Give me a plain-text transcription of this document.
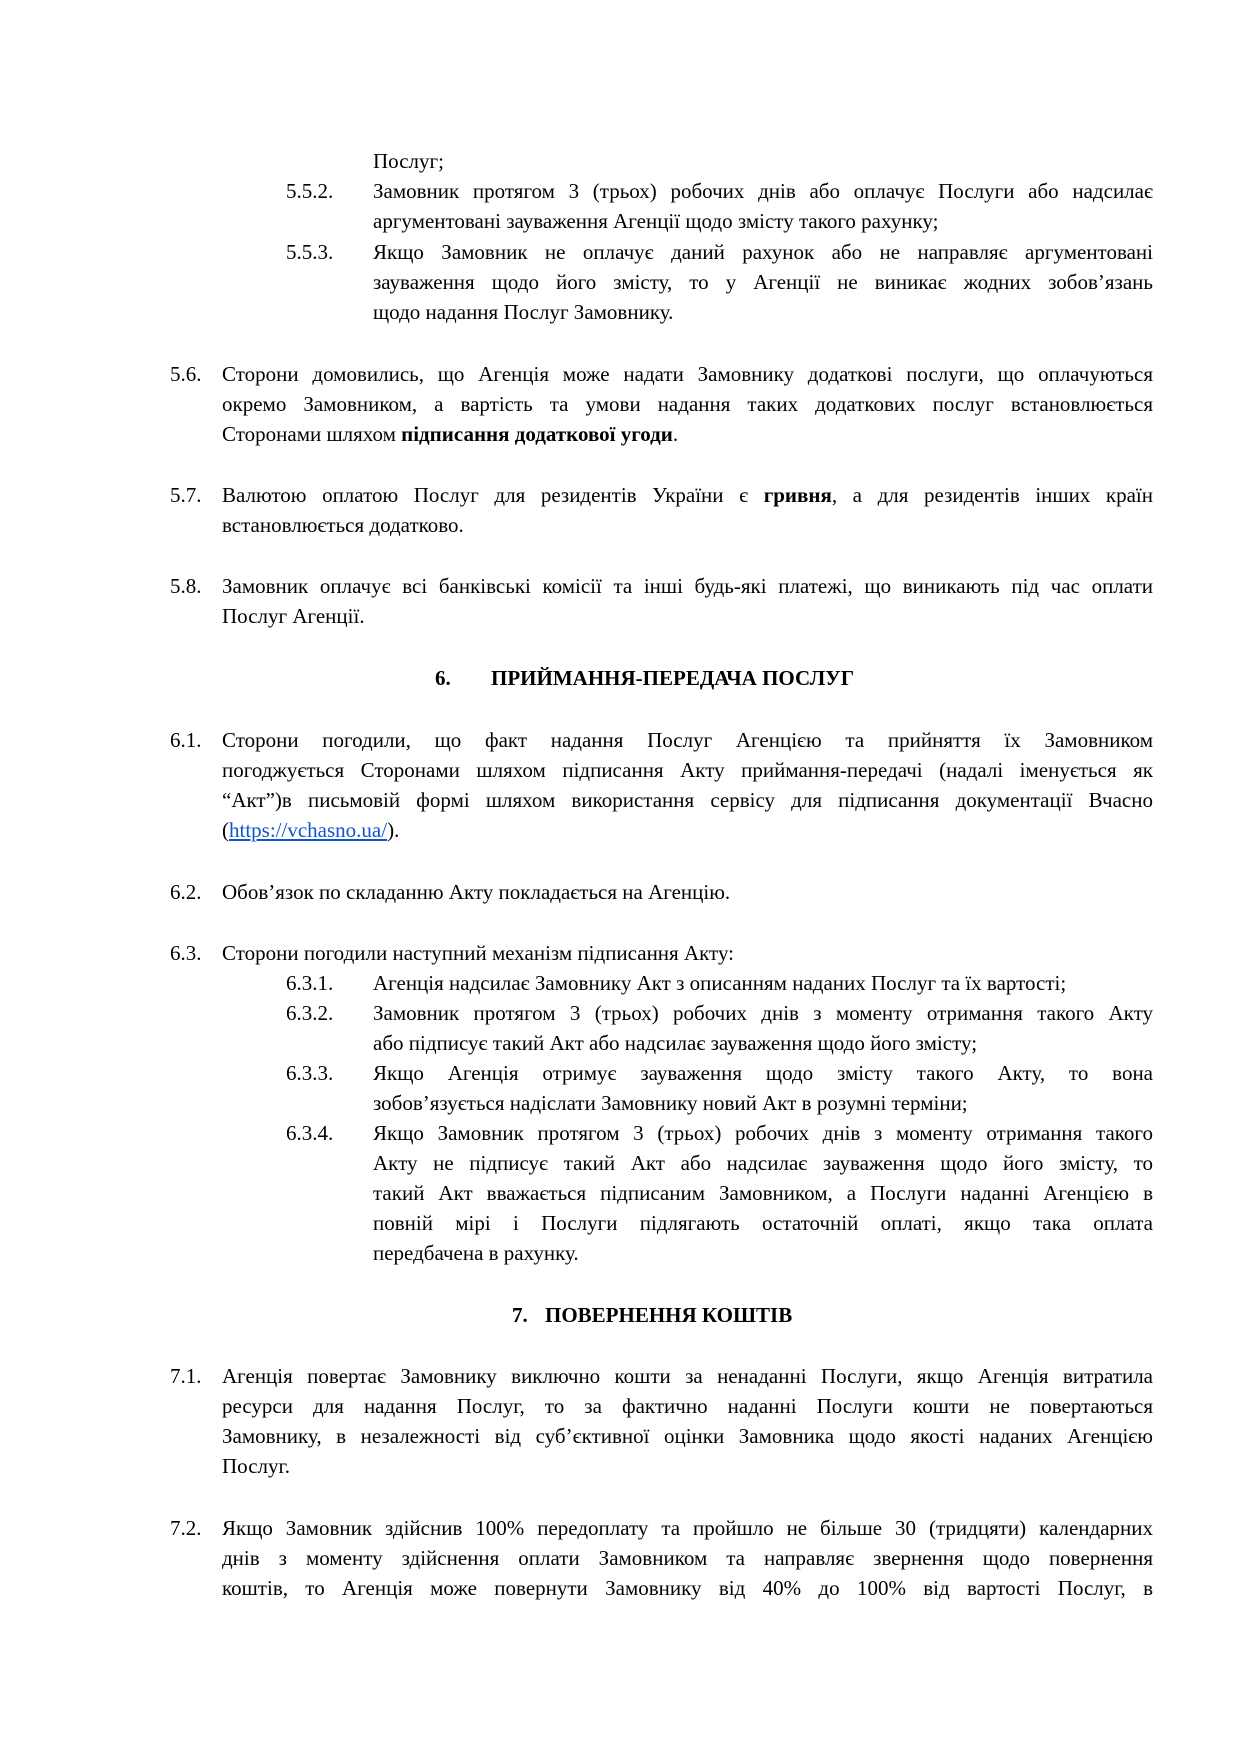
Послуг;
5.5.2. Замовник протягом 3 (трьох) робочих днів або оплачує Послуги або надсилає
аргументовані зауваження Агенції щодо змісту такого рахунку;
5.5.3. Якщо Замовник не оплачує даний рахунок або не направляє аргументовані
зауваження щодо його змісту, то у Агенції не виникає жодних зобов’язань
щодо надання Послуг Замовнику.
5.6. Сторони домовились, що Агенція може надати Замовнику додаткові послуги, що оплачуються
окремо Замовником, а вартість та умови надання таких додаткових послуг встановлюється
Сторонами шляхом підписання додаткової угоди.
5.7. Валютою оплатою Послуг для резидентів України є гривня, а для резидентів інших країн
встановлюється додатково.
5.8. Замовник оплачує всі банківські комісії та інші будь-які платежі, що виникають під час оплати
Послуг Агенції.
6. ПРИЙМАННЯ-ПЕРЕДАЧА ПОСЛУГ
6.1. Сторони погодили, що факт надання Послуг Агенцією та прийняття їх Замовником
погоджується Сторонами шляхом підписання Акту приймання-передачі (надалі іменується як
“Акт”)в письмовій формі шляхом використання сервісу для підписання документації Вчасно
(https://vchasno.ua/).
6.2. Обов’язок по складанню Акту покладається на Агенцію.
6.3. Сторони погодили наступний механізм підписання Акту:
6.3.1. Агенція надсилає Замовнику Акт з описанням наданих Послуг та їх вартості;
6.3.2. Замовник протягом 3 (трьох) робочих днів з моменту отримання такого Акту
або підписує такий Акт або надсилає зауваження щодо його змісту;
6.3.3. Якщо Агенція отримує зауваження щодо змісту такого Акту, то вона
зобов’язується надіслати Замовнику новий Акт в розумні терміни;
6.3.4. Якщо Замовник протягом 3 (трьох) робочих днів з моменту отримання такого
Акту не підписує такий Акт або надсилає зауваження щодо його змісту, то
такий Акт вважається підписаним Замовником, а Послуги наданні Агенцією в
повній мірі і Послуги підлягають остаточній оплаті, якщо така оплата
передбачена в рахунку.
7. ПОВЕРНЕННЯ КОШТІВ
7.1. Агенція повертає Замовнику виключно кошти за ненаданні Послуги, якщо Агенція витратила
ресурси для надання Послуг, то за фактично наданні Послуги кошти не повертаються
Замовнику, в незалежності від суб’єктивної оцінки Замовника щодо якості наданих Агенцією
Послуг.
7.2. Якщо Замовник здійснив 100% передоплату та пройшло не більше 30 (тридцяти) календарних
днів з моменту здійснення оплати Замовником та направляє звернення щодо повернення
коштів, то Агенція може повернути Замовнику від 40% до 100% від вартості Послуг, в
